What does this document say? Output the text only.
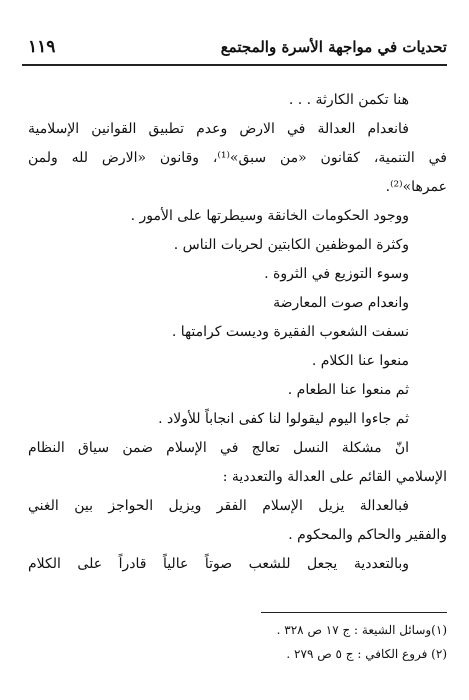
تحديات في مواجهة الأسرة والمجتمع
١١٩
هنا تكمن الكارثة . . .
فانعدام العدالة في الارض وعدم تطبيق القوانين الإسلامية
في التنمية، كقانون «من سبق»⁽¹⁾، وقانون «الارض لله ولمن
عمرها»⁽²⁾.
ووجود الحكومات الخانقة وسيطرتها على الأمور .
وكثرة الموظفين الكابتين لحريات الناس .
وسوء التوزيع في الثروة .
وانعدام صوت المعارضة
نسفت الشعوب الفقيرة وديست كرامتها .
منعوا عنا الكلام .
ثم منعوا عنا الطعام .
ثم جاءوا اليوم ليقولوا لنا كفى انجاباً للأولاد .
انّ مشكلة النسل تعالج في الإسلام ضمن سياق النظام
الإسلامي القائم على العدالة والتعددية :
فبالعدالة يزيل الإسلام الفقر ويزيل الحواجز بين الغني
والفقير والحاكم والمحكوم .
وبالتعددية يجعل للشعب صوتاً عالياً قادراً على الكلام
(١)وسائل الشيعة : ج ١٧ ص ٣٢٨ .
(٢) فروع الكافي : ج ٥ ص ٢٧٩ .
